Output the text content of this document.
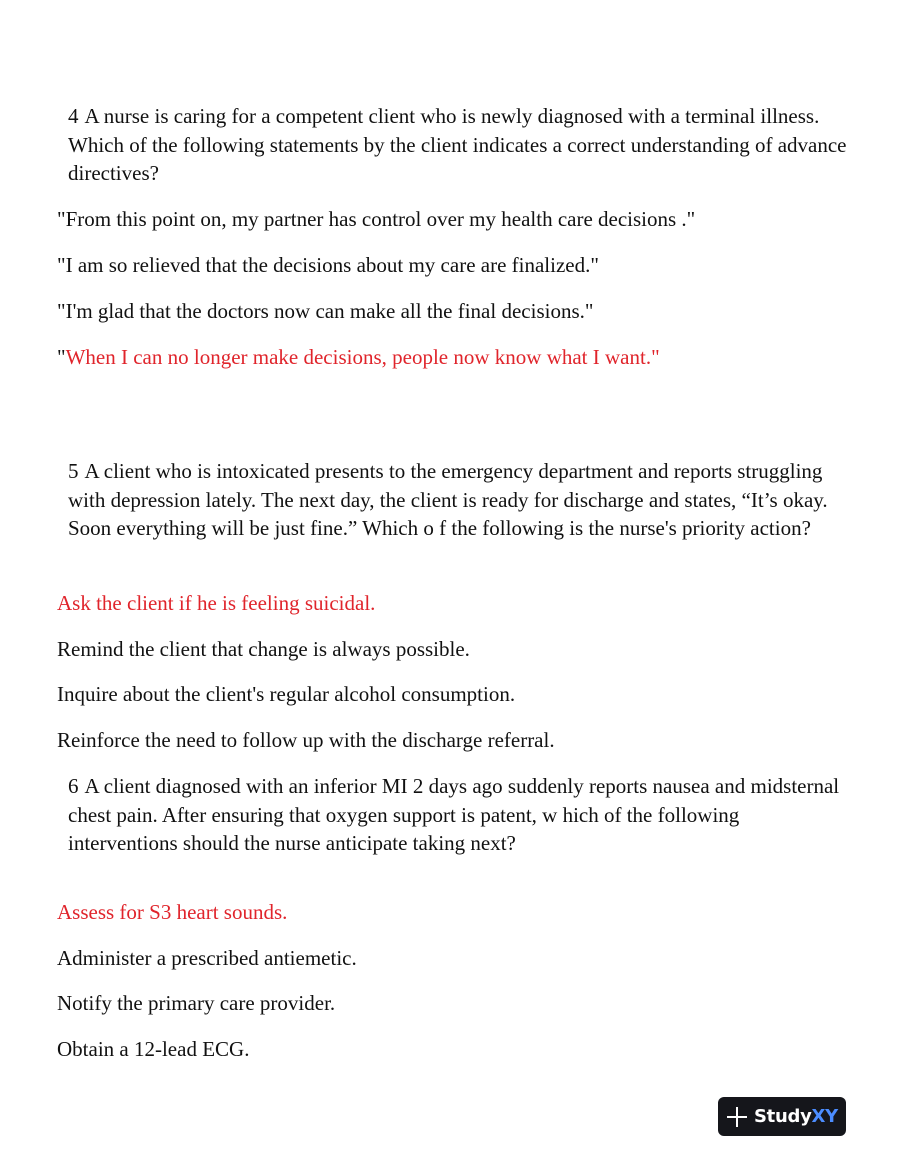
4 A nurse is caring for a competent client who is newly diagnosed with a terminal illness. Which of the following statements by the client indicates a correct understanding of advance directives?
"From this point on, my partner has control over my health care decisions ."
"I am so relieved that the decisions about my care are finalized."
"I'm glad that the doctors now can make all the final decisions."
"When I can no longer make decisions, people now know what I want."
5 A client who is intoxicated presents to the emergency department and reports struggling with depression lately. The next day, the client is ready for discharge and states, “It’s okay. Soon everything will be just fine.” Which o f the following is the nurse's priority action?
Ask the client if he is feeling suicidal.
Remind the client that change is always possible.
Inquire about the client's regular alcohol consumption.
Reinforce the need to follow up with the discharge referral.
6 A client diagnosed with an inferior MI 2 days ago suddenly reports nausea and midsternal chest pain. After ensuring that oxygen support is patent, w hich of the following interventions should the nurse anticipate taking next?
Assess for S3 heart sounds.
Administer a prescribed antiemetic.
Notify the primary care provider.
Obtain a 12-lead ECG.
StudyXY
